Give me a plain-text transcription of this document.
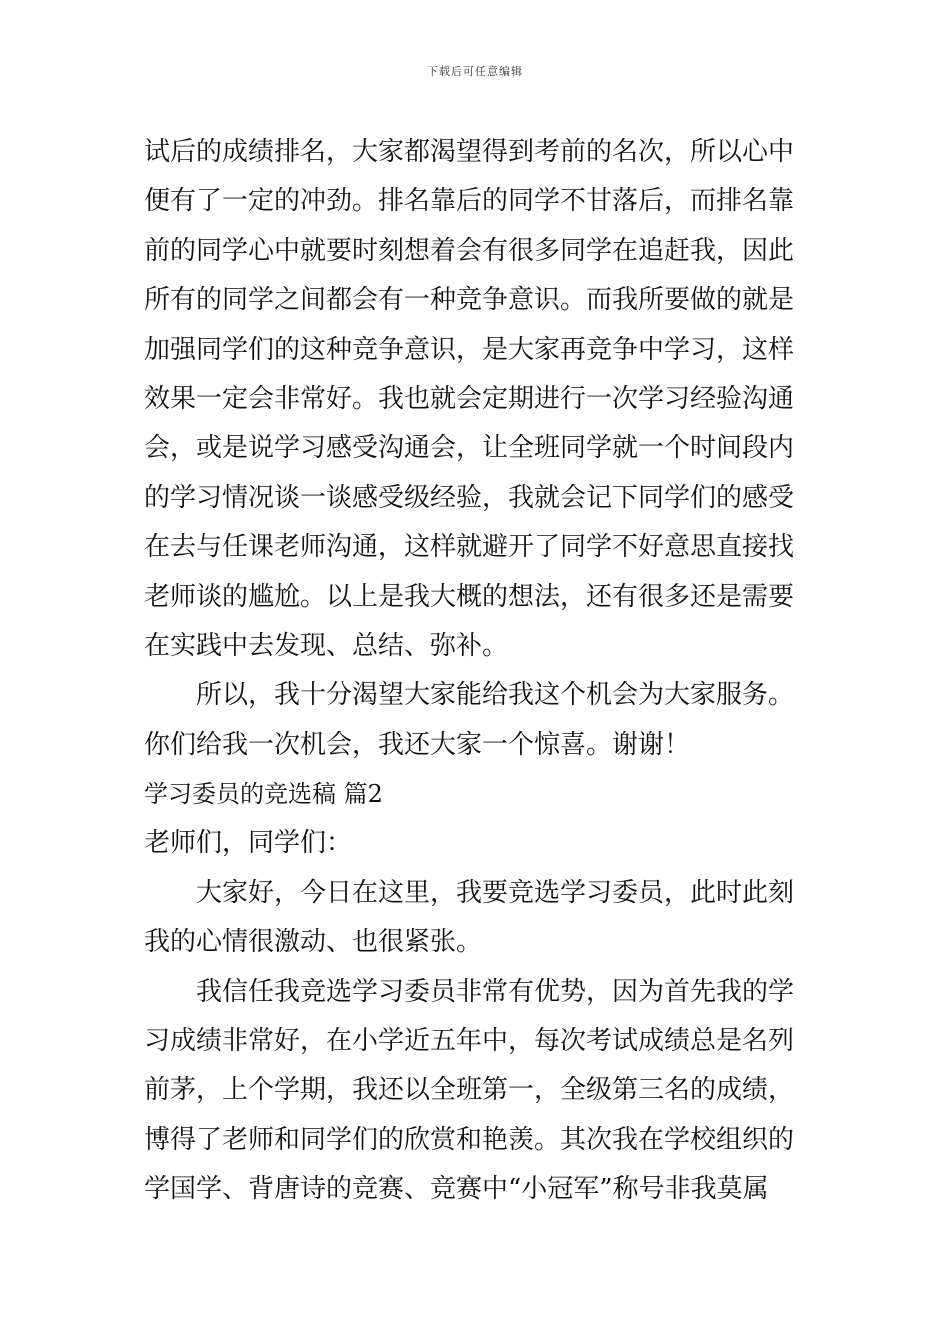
下载后可任意编辑
试后的成绩排名，大家都渴望得到考前的名次，所以心中
便有了一定的冲劲。排名靠后的同学不甘落后，而排名靠
前的同学心中就要时刻想着会有很多同学在追赶我，因此
所有的同学之间都会有一种竞争意识。而我所要做的就是
加强同学们的这种竞争意识，是大家再竞争中学习，这样
效果一定会非常好。我也就会定期进行一次学习经验沟通
会，或是说学习感受沟通会，让全班同学就一个时间段内
的学习情况谈一谈感受级经验，我就会记下同学们的感受
在去与任课老师沟通，这样就避开了同学不好意思直接找
老师谈的尴尬。以上是我大概的想法，还有很多还是需要
在实践中去发现、总结、弥补。
所以，我十分渴望大家能给我这个机会为大家服务。
你们给我一次机会，我还大家一个惊喜。谢谢！
学习委员的竞选稿 篇2
老师们，同学们：
大家好，今日在这里，我要竞选学习委员，此时此刻
我的心情很激动、也很紧张。
我信任我竞选学习委员非常有优势，因为首先我的学
习成绩非常好，在小学近五年中，每次考试成绩总是名列
前茅，上个学期，我还以全班第一，全级第三名的成绩，
博得了老师和同学们的欣赏和艳羡。其次我在学校组织的
学国学、背唐诗的竞赛、竞赛中“小冠军”称号非我莫属
